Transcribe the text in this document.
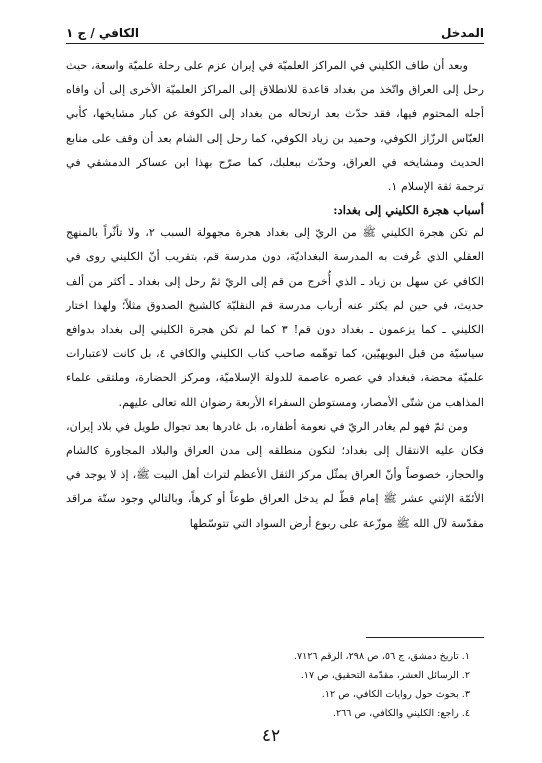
المدخل
الكافي / ج ١

وبعد أن طاف الكليني في المراكز العلميّة في إيران عزم على رحلة علميّة واسعة، حيث رحل إلى العراق واتّخذ من بغداد قاعدة للانطلاق إلى المراكز العلميّة الأخرى إلى أن وافاه أجله المحتوم فيها، فقد حدّث بعد ارتحاله من بغداد إلى الكوفة عن كبار مشايخها، كأبي العبّاس الرزّاز الكوفي، وحميد بن زياد الكوفي، كما رحل إلى الشام بعد أن وقف على منابع الحديث ومشايخه في العراق، وحدّث ببعلبك، كما صرّح بهذا ابن عساكر الدمشقي في ترجمة ثقة الإسلام ١.

أسباب هجرة الكليني إلى بغداد:

لم تكن هجرة الكليني ﷺ من الريّ إلى بغداد هجرة مجهولة السبب ٢، ولا تأثّراً بالمنهج العقلي الذي عُرفت به المدرسة البغداديّة، دون مدرسة قم، بتقريب أنّ الكليني روى في الكافي عن سهل بن زياد ـ الذي أُخرج من قم إلى الريّ ثمّ رحل إلى بغداد ـ أكثر من ألف حديث، في حين لم يكثر عنه أرباب مدرسة قم النقليّة كالشيخ الصدوق مثلاً؛ ولهذا اختار الكليني ـ كما يزعمون ـ بغداد دون قم! ٣ كما لم تكن هجرة الكليني إلى بغداد بدوافع سياسيّة من قبل البويهيّين، كما توهّمه صاحب كتاب الكليني والكافي ٤، بل كانت لاعتبارات علميّة محضة، فبغداد في عصره عاصمة للدولة الإسلاميّة، ومركز الحضارة، وملتقى علماء المذاهب من شتّى الأمصار، ومستوطن السفراء الأربعة رضوان الله تعالى عليهم.

ومن ثمّ فهو لم يغادر الريّ في نعومة أظفاره، بل غادرها بعد تجوال طويل في بلاد إيران، فكان عليه الانتقال إلى بغداد؛ لتكون منطلقه إلى مدن العراق والبلاد المجاورة كالشام والحجاز، خصوصاً وأنّ العراق يمثّل مركز الثقل الأعظم لتراث أهل البيت ﷺ، إذ لا يوجد في الأئمّة الإثني عشر ﷺ إمام قطّ لم يدخل العراق طوعاً أو كرهاً، وبالتالي وجود ستّة مراقد مقدّسة لآل الله ﷺ موزّعة على ربوع أرض السواد التي تتوسّطها

١. تاريخ دمشق، ج ٥٦، ص ٢٩٨، الرقم ٧١٢٦.
٢. الرسائل العشر، مقدّمة التحقيق، ص ١٧.
٣. بحوث حول روايات الكافي، ص ١٢.
٤. راجع: الكليني والكافي، ص ٢٦٦.
٤٢
